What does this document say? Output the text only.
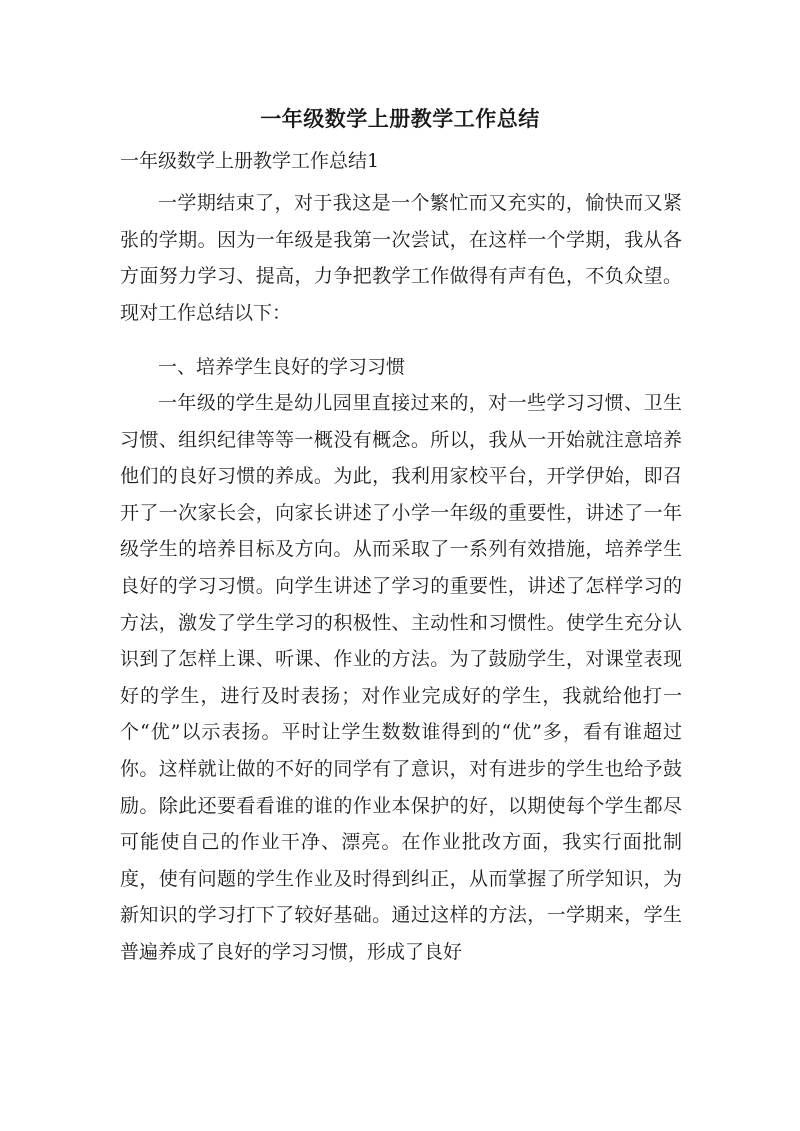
一年级数学上册教学工作总结
一年级数学上册教学工作总结1
一学期结束了，对于我这是一个繁忙而又充实的，愉快而又紧张的学期。因为一年级是我第一次尝试，在这样一个学期，我从各方面努力学习、提高，力争把教学工作做得有声有色，不负众望。现对工作总结以下：
一、培养学生良好的学习习惯
一年级的学生是幼儿园里直接过来的，对一些学习习惯、卫生习惯、组织纪律等等一概没有概念。所以，我从一开始就注意培养他们的良好习惯的养成。为此，我利用家校平台，开学伊始，即召开了一次家长会，向家长讲述了小学一年级的重要性，讲述了一年级学生的培养目标及方向。从而采取了一系列有效措施，培养学生良好的学习习惯。向学生讲述了学习的重要性，讲述了怎样学习的方法，激发了学生学习的积极性、主动性和习惯性。使学生充分认识到了怎样上课、听课、作业的方法。为了鼓励学生，对课堂表现好的学生，进行及时表扬；对作业完成好的学生，我就给他打一个“优”以示表扬。平时让学生数数谁得到的“优”多，看有谁超过你。这样就让做的不好的同学有了意识，对有进步的学生也给予鼓励。除此还要看看谁的谁的作业本保护的好，以期使每个学生都尽可能使自己的作业干净、漂亮。在作业批改方面，我实行面批制度，使有问题的学生作业及时得到纠正，从而掌握了所学知识，为新知识的学习打下了较好基础。通过这样的方法，一学期来，学生普遍养成了良好的学习习惯，形成了良好
